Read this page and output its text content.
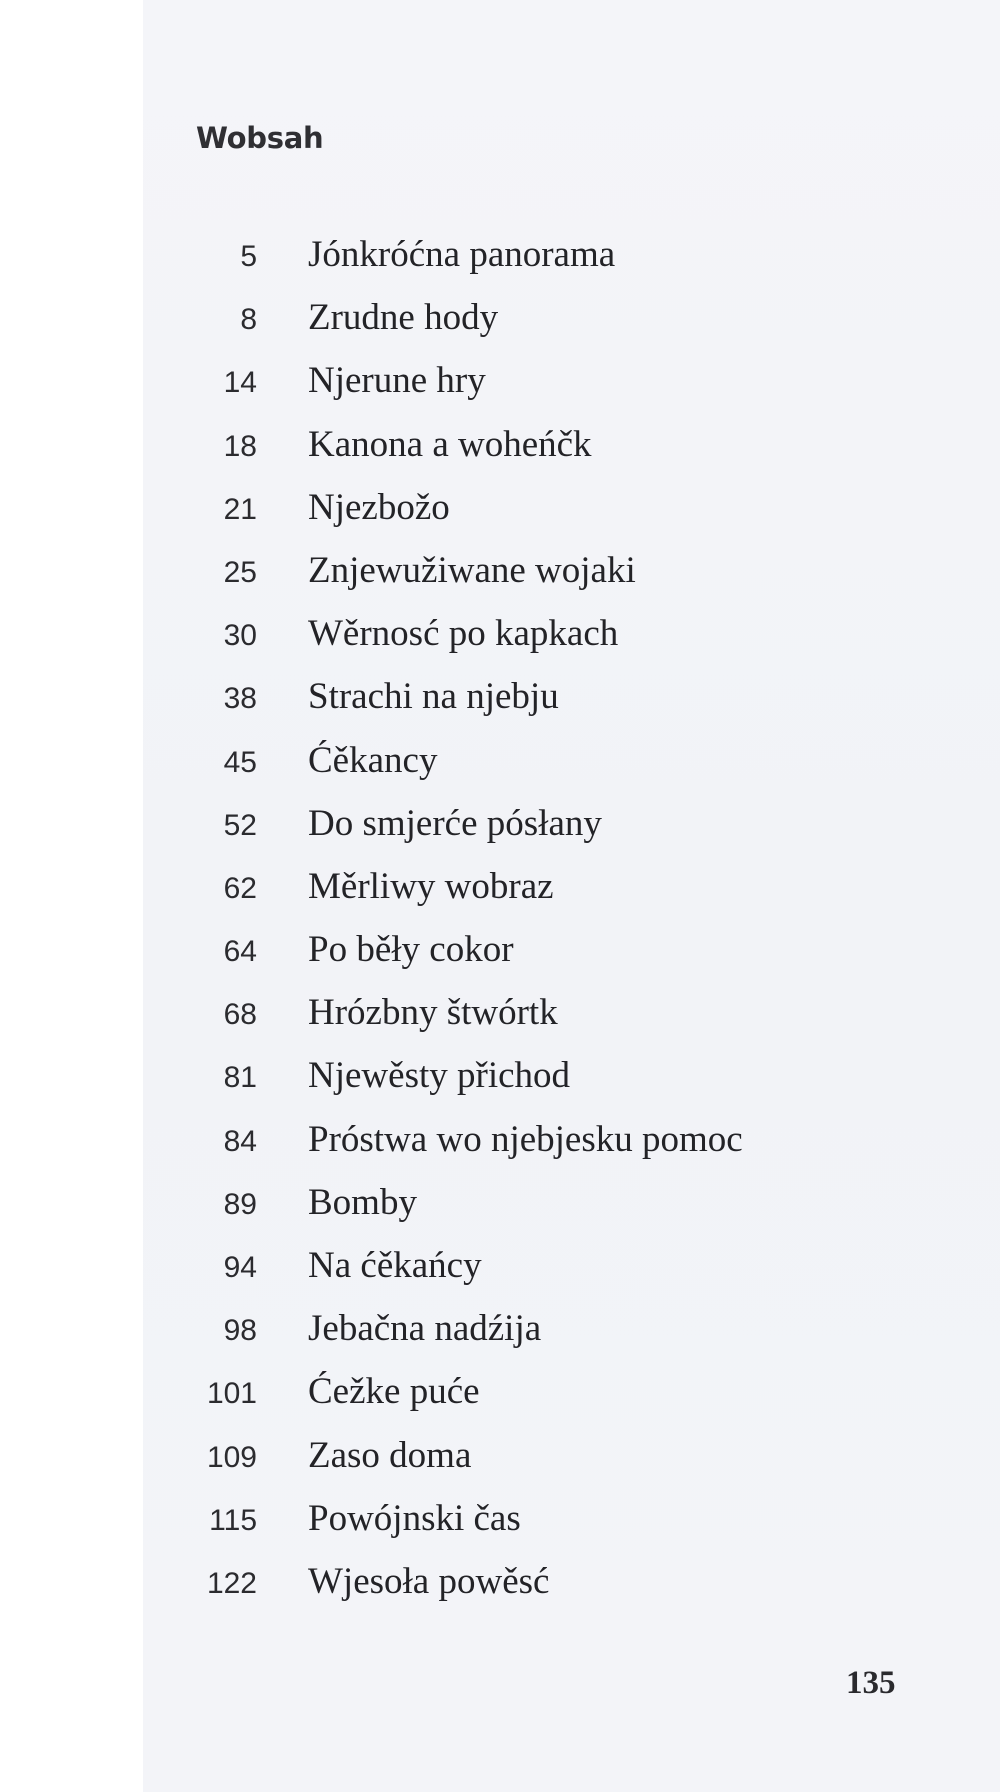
Wobsah
5 Jónkróćna panorama
8 Zrudne hody
14 Njerune hry
18 Kanona a woheńčk
21 Njezbožo
25 Znjewužiwane wojaki
30 Wěrnosć po kapkach
38 Strachi na njebju
45 Ćěkancy
52 Do smjerće pósłany
62 Měrliwy wobraz
64 Po běły cokor
68 Hrózbny štwórtk
81 Njewěsty přichod
84 Próstwa wo njebjesku pomoc
89 Bomby
94 Na ćěkańcy
98 Jebačna nadźija
101 Ćežke puće
109 Zaso doma
115 Powójnski čas
122 Wjesoła powěsć
135
